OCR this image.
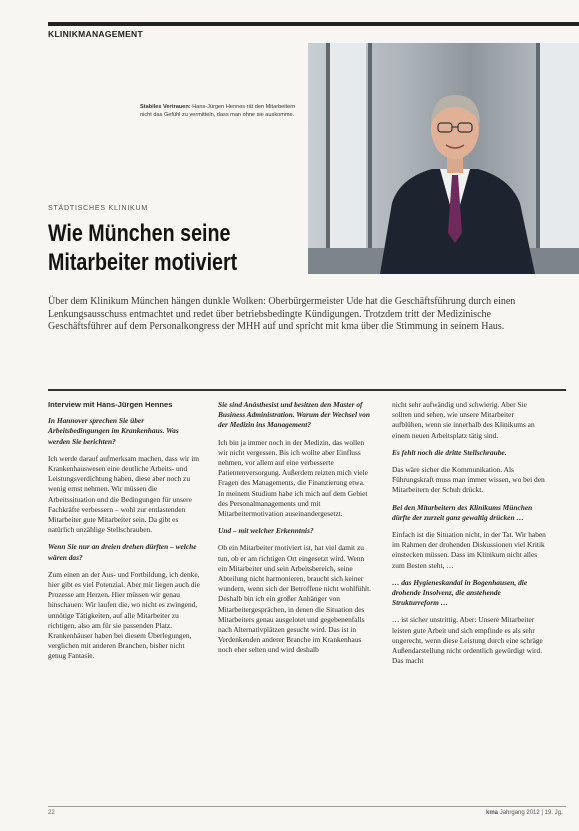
KLINIKMANAGEMENT
Stabiles Vertrauen: Hans-Jürgen Hennes rät den Mitarbeitern nicht das Gefühl zu vermitteln, dass man ohne sie auskomme.
STÄDTISCHES KLINIKUM
Wie München seine
Mitarbeiter motiviert
Über dem Klinikum München hängen dunkle Wolken: Oberbürgermeister Ude hat die Geschäftsführung durch einen Lenkungsausschuss entmachtet und redet über betriebsbedingte Kündigungen. Trotzdem tritt der Medizinische Geschäftsführer auf dem Personalkongress der MHH auf und spricht mit kma über die Stimmung in seinem Haus.
Interview mit Hans-Jürgen Hennes

In Hannover sprechen Sie über Arbeitsbedingungen im Krankenhaus. Was werden Sie berichten?

Ich werde darauf aufmerksam machen, dass wir im Krankenhauswesen eine deutliche Arbeits- und Leistungsverdichtung haben, diese aber noch zu wenig ernst nehmen. Wir müssen die Arbeitssituation und die Bedingungen für unsere Fachkräfte verbessern – wohl zur entlastenden Mitarbeiter gute Mitarbeiter sein. Da gibt es natürlich unzählige Stellschrauben.

Wenn Sie nur an dreien drehen dürften – welche wären das?

Zum einen an der Aus- und Fortbildung, ich denke, hier gibt es viel Potenzial. Aber mir liegen auch die Prozesse am Herzen. Hier müssen wir genau hinschauen: Wir laufen die, wo nicht es zwingend, unnötige Tätigkeiten, auf alle Mitarbeiter zu richtigen, also am für sie passenden Platz. Krankenhäuser haben bei diesem Überlegungen, verglichen mit anderen Branchen, bisher nicht genug Fantasie.

Sie sind Anästhesist und besitzen den Master of Business Administration. Warum der Wechsel von der Medizin ins Management?

Ich bin ja immer noch in der Medizin, das wollen wir nicht vergessen. Bis ich wollte aber Einfluss nehmen, vor allem auf eine verbesserte Patientenversorgung. Außerdem reizten mich viele Fragen des Managements, die Finanzierung etwa. In meinem Studium habe ich mich auf dem Gebiet des Personalmanagements und mit Mitarbeitermotivation auseinandergesetzt.

Und – mit welcher Erkenntnis?

Ob ein Mitarbeiter motiviert ist, hat viel damit zu tun, ob er am richtigen Ort eingesetzt wird. Wenn ein Mitarbeiter und sein Arbeitsbereich, seine Abteilung nicht harmonieren, braucht sich keiner wundern, wenn sich der Betroffene nicht wohlfühlt. Deshalb bin ich ein großer Anhänger von Mitarbeitergesprächen, in denen die Situation des Mitarbeiters genau ausgelotet und gegebenenfalls nach Alternativplätzen gesucht wird. Das ist in Verdenkenden anderer Branche im Krankenhaus noch eher selten und wird deshalb

nicht sehr aufwändig und schwierig. Aber Sie sollten und sehen, wie unsere Mitarbeiter aufblühen, wenn sie innerhalb des Klinikums an einem neuen Arbeitsplatz tätig sind.

Es fehlt noch die dritte Stellschraube.

Das wäre sicher die Kommunikation. Als Führungskraft muss man immer wissen, wo bei den Mitarbeitern der Schuh drückt.

Bei den Mitarbeitern des Klinikums München dürfte der zurzeit ganz gewaltig drücken …

Einfach ist die Situation nicht, in der Tat. Wir haben im Rahmen der drohenden Diskussionen viel Kritik einstecken müssen. Dass im Klinikum nicht alles zum Besten steht, …

… das Hygieneskandal in Bogenhausen, die drohende Insolvenz, die anstehende Strukturreform …

… ist sicher unstrittig. Aber: Unsere Mitarbeiter leisten gute Arbeit und sich empfinde es als sehr ungerecht, wenn diese Leistung durch eine schräge Außendarstellung nicht ordentlich gewürdigt wird. Das macht

22	kma Jahrgang 2012 | 19. Jg.
